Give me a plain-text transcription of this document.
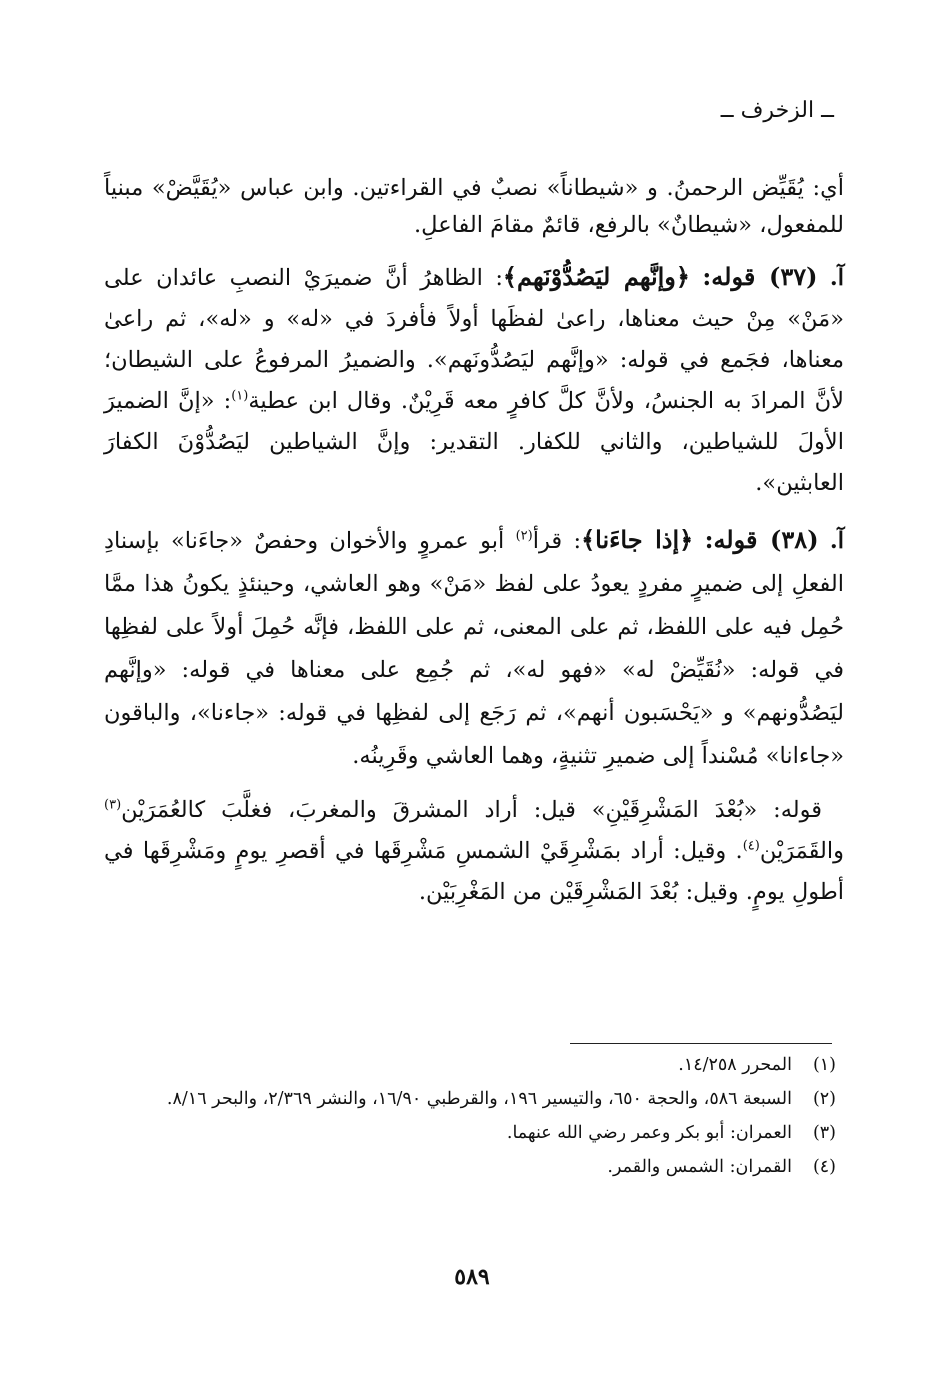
ــ الزخرف ــ

أي: يُقَيِّض الرحمنُ. و «شيطاناً» نصبٌ في القراءتين. وابن عباس «يُقَيَّضْ» مبنياً للمفعول، «شيطانٌ» بالرفع، قائمٌ مقامَ الفاعلِ.

آ. (٣٧) قوله: ﴿وإنَّهم ليَصُدُّوْنَهم﴾: الظاهرُ أنَّ ضميرَيْ النصبِ عائدان على «مَنْ» مِنْ حيث معناها، راعىٰ لفظَها أولاً فأفردَ في «له» و «له»، ثم راعىٰ معناها، فجَمع في قوله: «وإنَّهم ليَصُدُّونَهم». والضميرُ المرفوعُ على الشيطان؛ لأنَّ المرادَ به الجنسُ، ولأنَّ كلَّ كافرٍ معه قَرِيْنٌ. وقال ابن عطية$^{(١)}$: «إنَّ الضميرَ الأولَ للشياطين، والثاني للكفار. التقدير: وإنَّ الشياطين ليَصُدُّوْنَ الكفارَ العابثين».

آ. (٣٨) قوله: ﴿إذا جاءَنا﴾: قرأ$^{(٢)}$ أبو عمروٍ والأخوان وحفصٌ «جاءَنا» بإسنادِ الفعلِ إلى ضميرٍ مفردٍ يعودُ على لفظ «مَنْ» وهو العاشي، وحينئذٍ يكونُ هذا ممَّا حُمِل فيه على اللفظ، ثم على المعنى، ثم على اللفظ، فإنَّه حُمِلَ أولاً على لفظِها في قوله: «نُقَيِّضْ له» «فهو له»، ثم جُمِع على معناها في قوله: «وإنَّهم ليَصُدُّونهم» و «يَحْسَبون أنهم»، ثم رَجَع إلى لفظِها في قوله: «جاءنا»، والباقون «جاءانا» مُسْنداً إلى ضميرِ تثنيةٍ، وهما العاشي وقَرِينُه.

قوله: «بُعْدَ المَشْرِقَيْنِ» قيل: أراد المشرقَ والمغربَ، فغلَّبَ كالعُمَرَيْن$^{(٣)}$ والقَمَرَيْن$^{(٤)}$. وقيل: أراد بمَشْرِقَيْ الشمسِ مَشْرِقَها في أقصرِ يومٍ ومَشْرِقَها في أطولِ يومٍ. وقيل: بُعْدَ المَشْرِقَيْن من المَغْرِبَيْن.

(١)
المحرر ١٤/٢٥٨.
(٢)
السبعة ٥٨٦، والحجة ٦٥٠، والتيسير ١٩٦، والقرطبي ١٦/٩٠، والنشر ٢/٣٦٩، والبحر ٨/١٦.
(٣)
العمران: أبو بكر وعمر رضي الله عنهما.
(٤)
القمران: الشمس والقمر.
٥٨٩
